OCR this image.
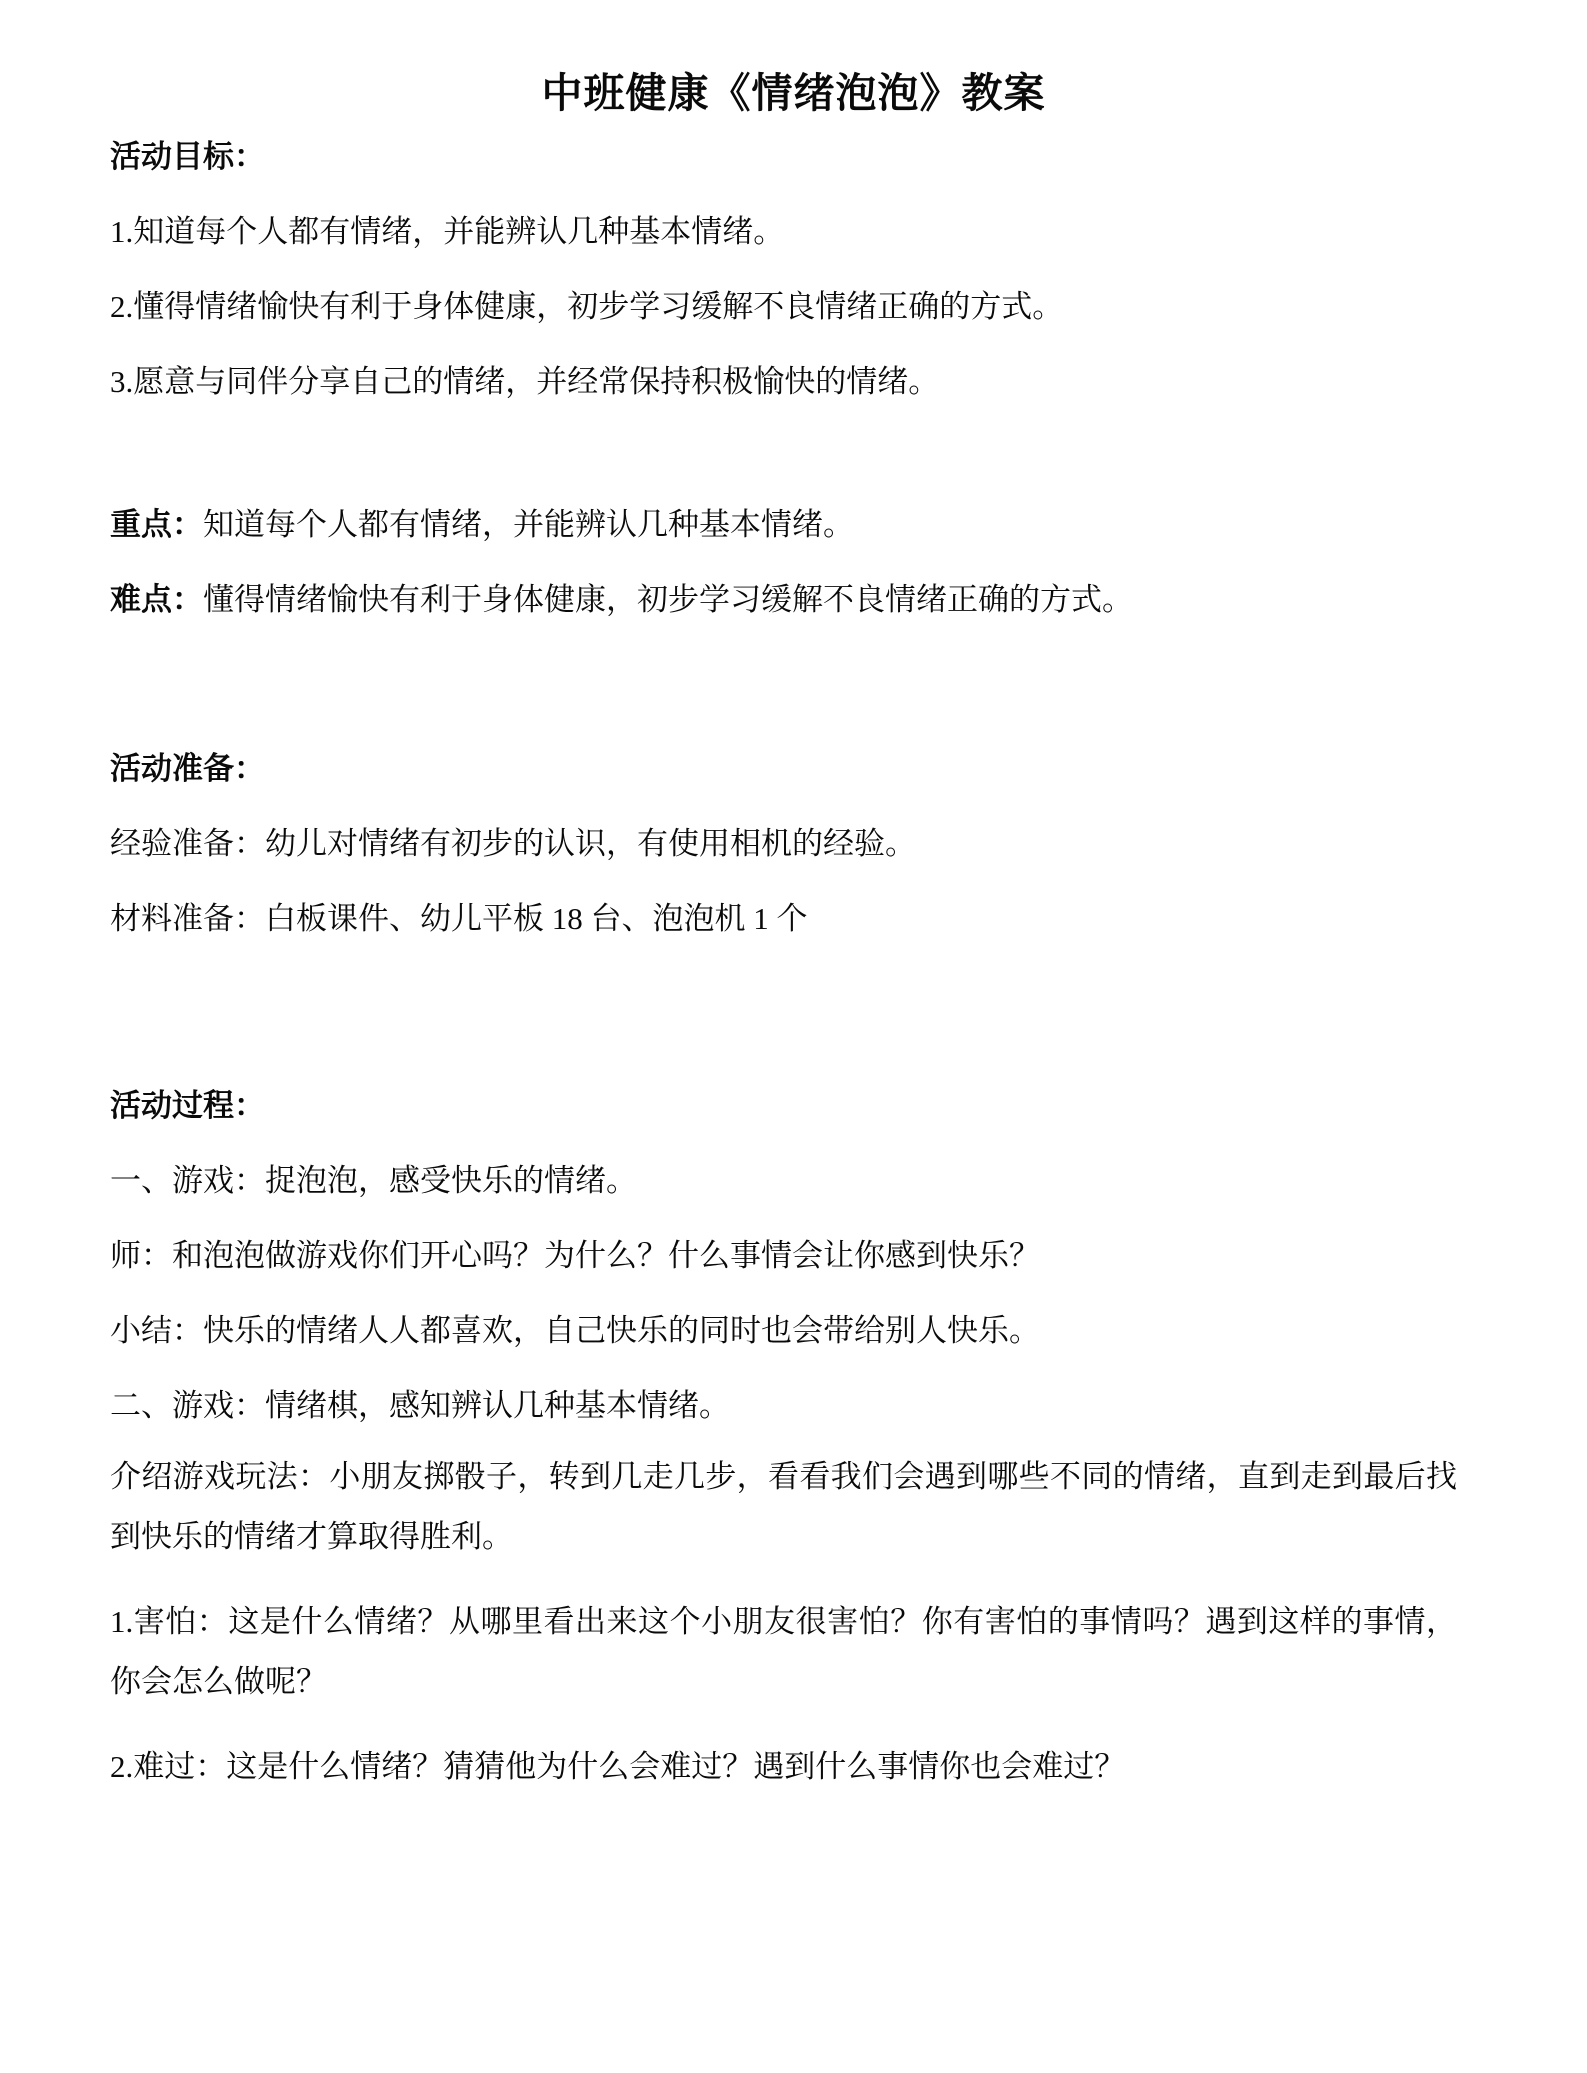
中班健康《情绪泡泡》教案

活动目标：

1.知道每个人都有情绪，并能辨认几种基本情绪。

2.懂得情绪愉快有利于身体健康，初步学习缓解不良情绪正确的方式。

3.愿意与同伴分享自己的情绪，并经常保持积极愉快的情绪。

重点：知道每个人都有情绪，并能辨认几种基本情绪。

难点：懂得情绪愉快有利于身体健康，初步学习缓解不良情绪正确的方式。

活动准备：

经验准备：幼儿对情绪有初步的认识，有使用相机的经验。

材料准备：白板课件、幼儿平板 18 台、泡泡机 1 个

活动过程：

一、游戏：捉泡泡，感受快乐的情绪。

师：和泡泡做游戏你们开心吗？为什么？什么事情会让你感到快乐？

小结：快乐的情绪人人都喜欢，自己快乐的同时也会带给别人快乐。

二、游戏：情绪棋，感知辨认几种基本情绪。

介绍游戏玩法：小朋友掷骰子，转到几走几步，看看我们会遇到哪些不同的情绪，直到走到最后找到快乐的情绪才算取得胜利。

1.害怕：这是什么情绪？从哪里看出来这个小朋友很害怕？你有害怕的事情吗？遇到这样的事情，你会怎么做呢？

2.难过：这是什么情绪？猜猜他为什么会难过？遇到什么事情你也会难过？
